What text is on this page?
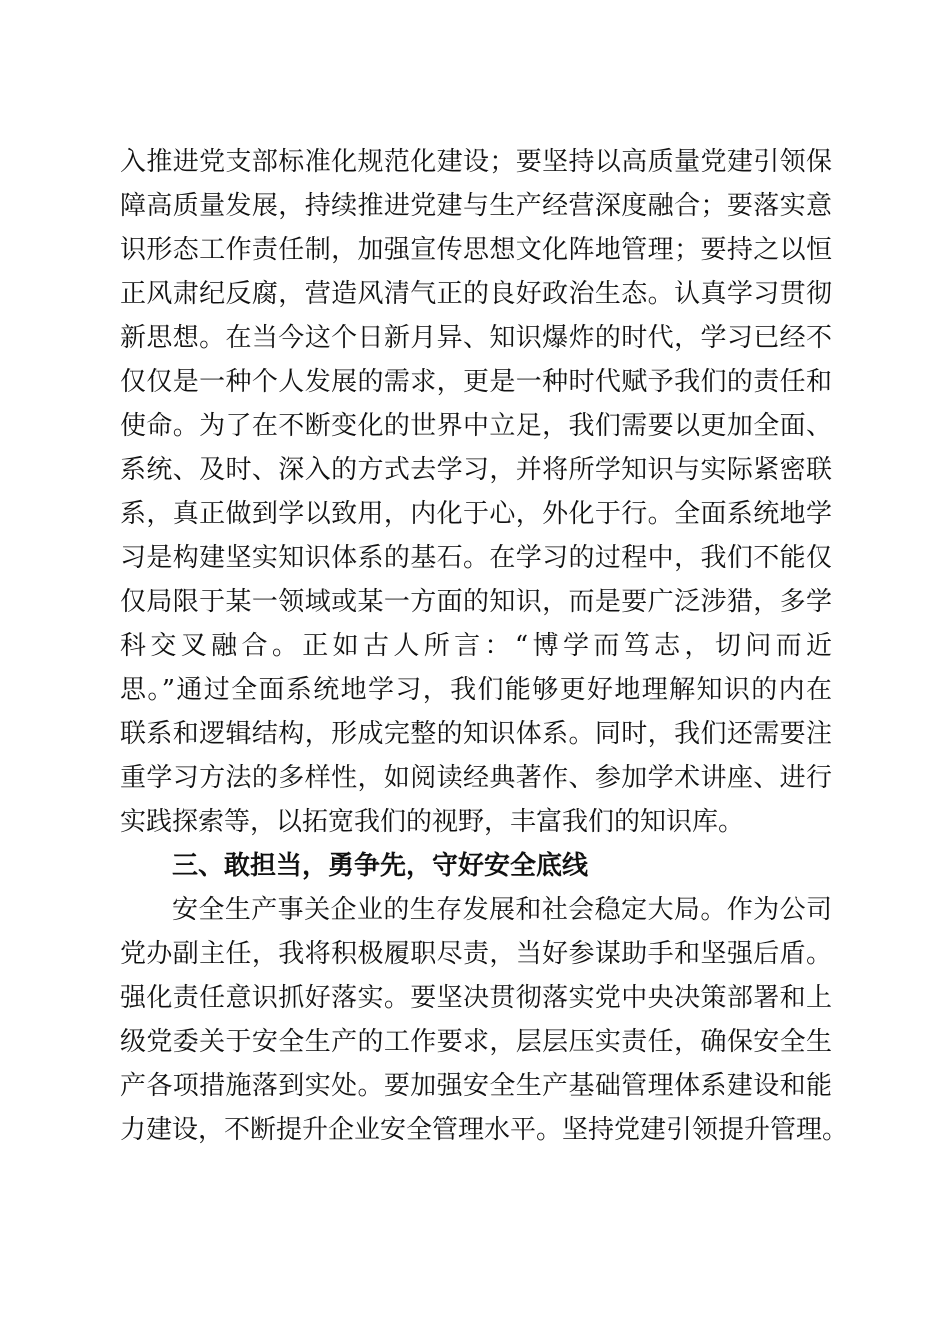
入推进党支部标准化规范化建设；要坚持以高质量党建引领保
障高质量发展，持续推进党建与生产经营深度融合；要落实意
识形态工作责任制，加强宣传思想文化阵地管理；要持之以恒
正风肃纪反腐，营造风清气正的良好政治生态。认真学习贯彻
新思想。在当今这个日新月异、知识爆炸的时代，学习已经不
仅仅是一种个人发展的需求，更是一种时代赋予我们的责任和
使命。为了在不断变化的世界中立足，我们需要以更加全面、
系统、及时、深入的方式去学习，并将所学知识与实际紧密联
系，真正做到学以致用，内化于心，外化于行。全面系统地学
习是构建坚实知识体系的基石。在学习的过程中，我们不能仅
仅局限于某一领域或某一方面的知识，而是要广泛涉猎，多学
科交叉融合。正如古人所言：“博学而笃志，切问而近
思。”通过全面系统地学习，我们能够更好地理解知识的内在
联系和逻辑结构，形成完整的知识体系。同时，我们还需要注
重学习方法的多样性，如阅读经典著作、参加学术讲座、进行
实践探索等，以拓宽我们的视野，丰富我们的知识库。
三、敢担当，勇争先，守好安全底线
安全生产事关企业的生存发展和社会稳定大局。作为公司
党办副主任，我将积极履职尽责，当好参谋助手和坚强后盾。
强化责任意识抓好落实。要坚决贯彻落实党中央决策部署和上
级党委关于安全生产的工作要求，层层压实责任，确保安全生
产各项措施落到实处。要加强安全生产基础管理体系建设和能
力建设，不断提升企业安全管理水平。坚持党建引领提升管理。
